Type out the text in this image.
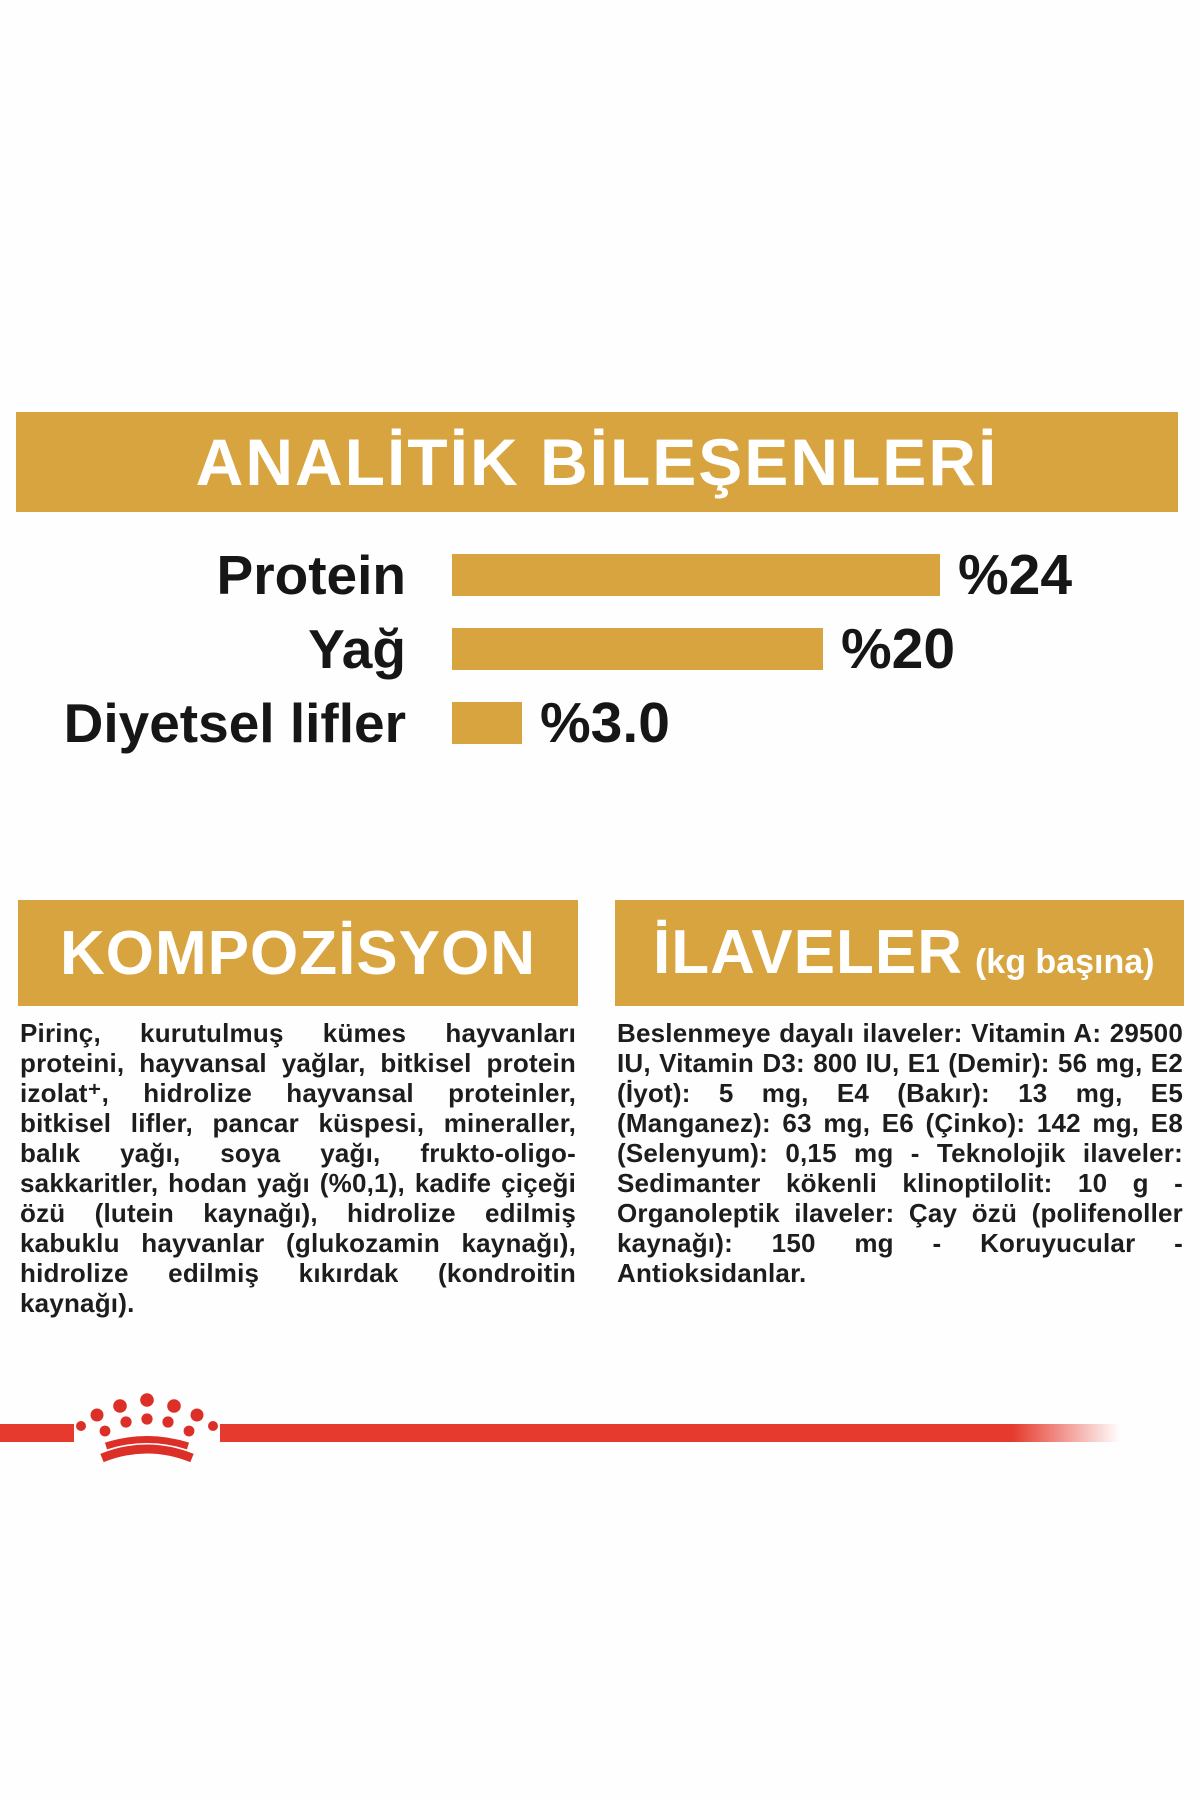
ANALİTİK BİLEŞENLERİ
Protein	%24
Yağ	%20
Diyetsel lifler %3.0
KOMPOZİSYON
Pirinç, kurutulmuş kümes hayvanları proteini, hayvansal yağlar, bitkisel protein izolat⁺, hidrolize hayvansal proteinler, bitkisel lifler, pancar küspesi, mineraller, balık yağı, soya yağı, frukto-oligo-sakkaritler, hodan yağı (%0,1), kadife çiçeği özü (lutein kaynağı), hidrolize edilmiş kabuklu hayvanlar (glukozamin kaynağı), hidrolize edilmiş kıkırdak (kondroitin kaynağı).
İLAVELER (kg başına)
Beslenmeye dayalı ilaveler: Vitamin A: 29500 IU, Vitamin D3: 800 IU, E1 (Demir): 56 mg, E2 (İyot): 5 mg, E4 (Bakır): 13 mg, E5 (Manganez): 63 mg, E6 (Çinko): 142 mg, E8 (Selenyum): 0,15 mg - Teknolojik ilaveler: Sedimanter kökenli klinoptilolit: 10 g - Organoleptik ilaveler: Çay özü (polifenoller kaynağı): 150 mg - Koruyucular - Antioksidanlar.
